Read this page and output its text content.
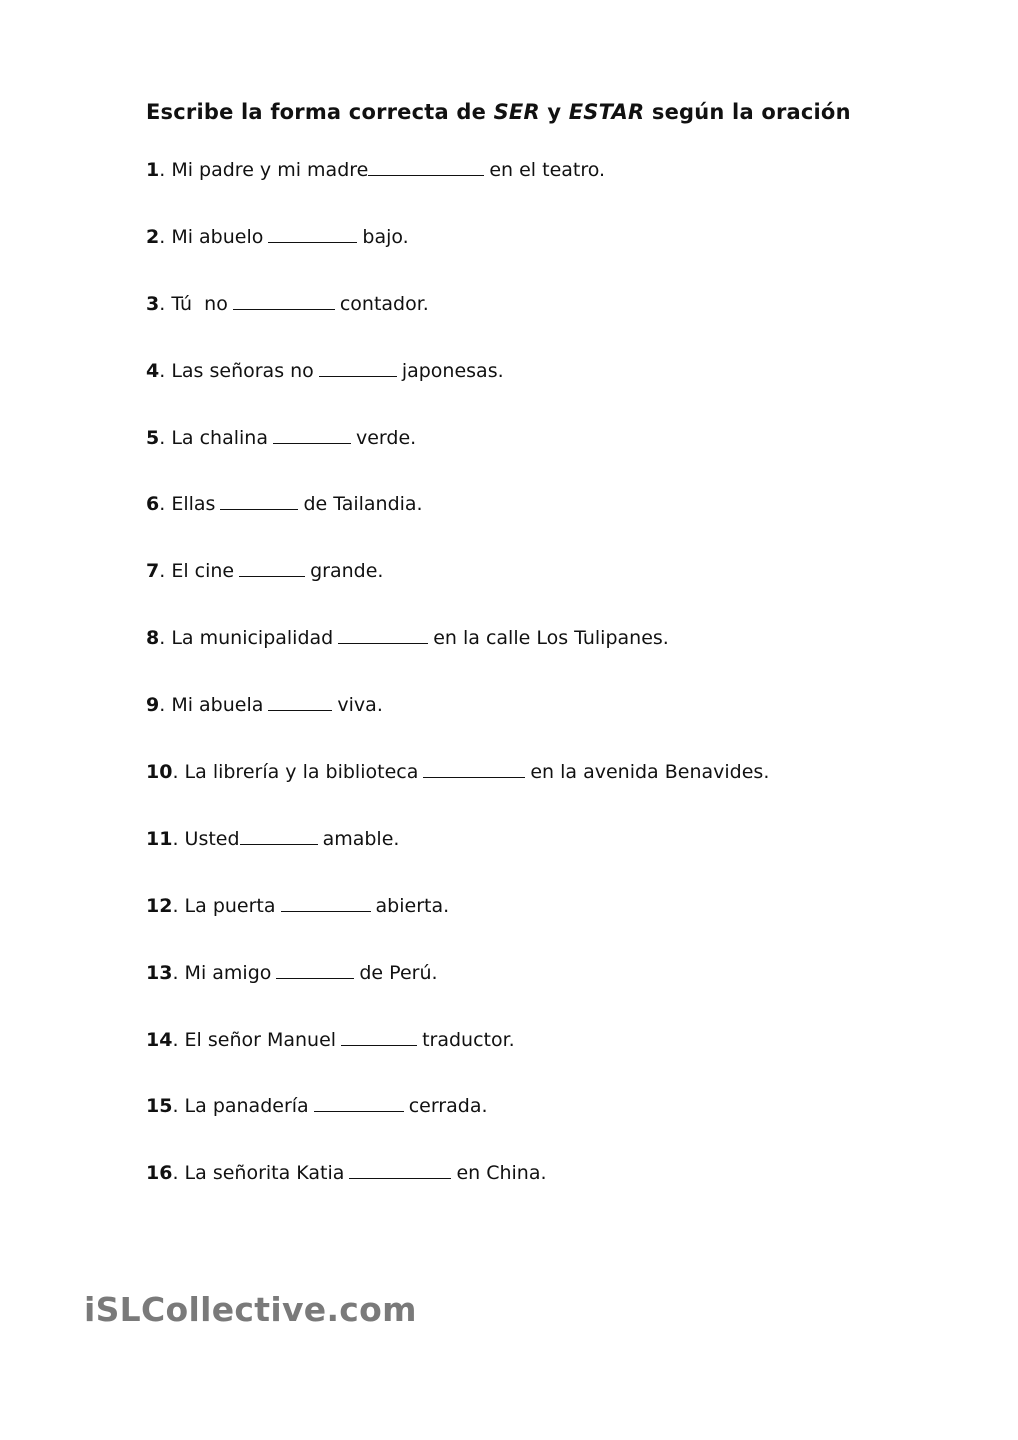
Escribe la forma correcta de SER y ESTAR según la oración
1. Mi padre y mi madre	en el teatro.
2. Mi abuelo	bajo.
3. Tú  no	contador.
4. Las señoras no	japonesas.
5. La chalina	verde.
6. Ellas	de Tailandia.
7. El cine	grande.
8. La municipalidad	en la calle Los Tulipanes.
9. Mi abuela	viva.
10. La librería y la biblioteca	en la avenida Benavides.
11. Usted	amable.
12. La puerta	abierta.
13. Mi amigo	de Perú.
14. El señor Manuel	traductor.
15. La panadería	cerrada.
16. La señorita Katia	en China.
iSLCollective.com
